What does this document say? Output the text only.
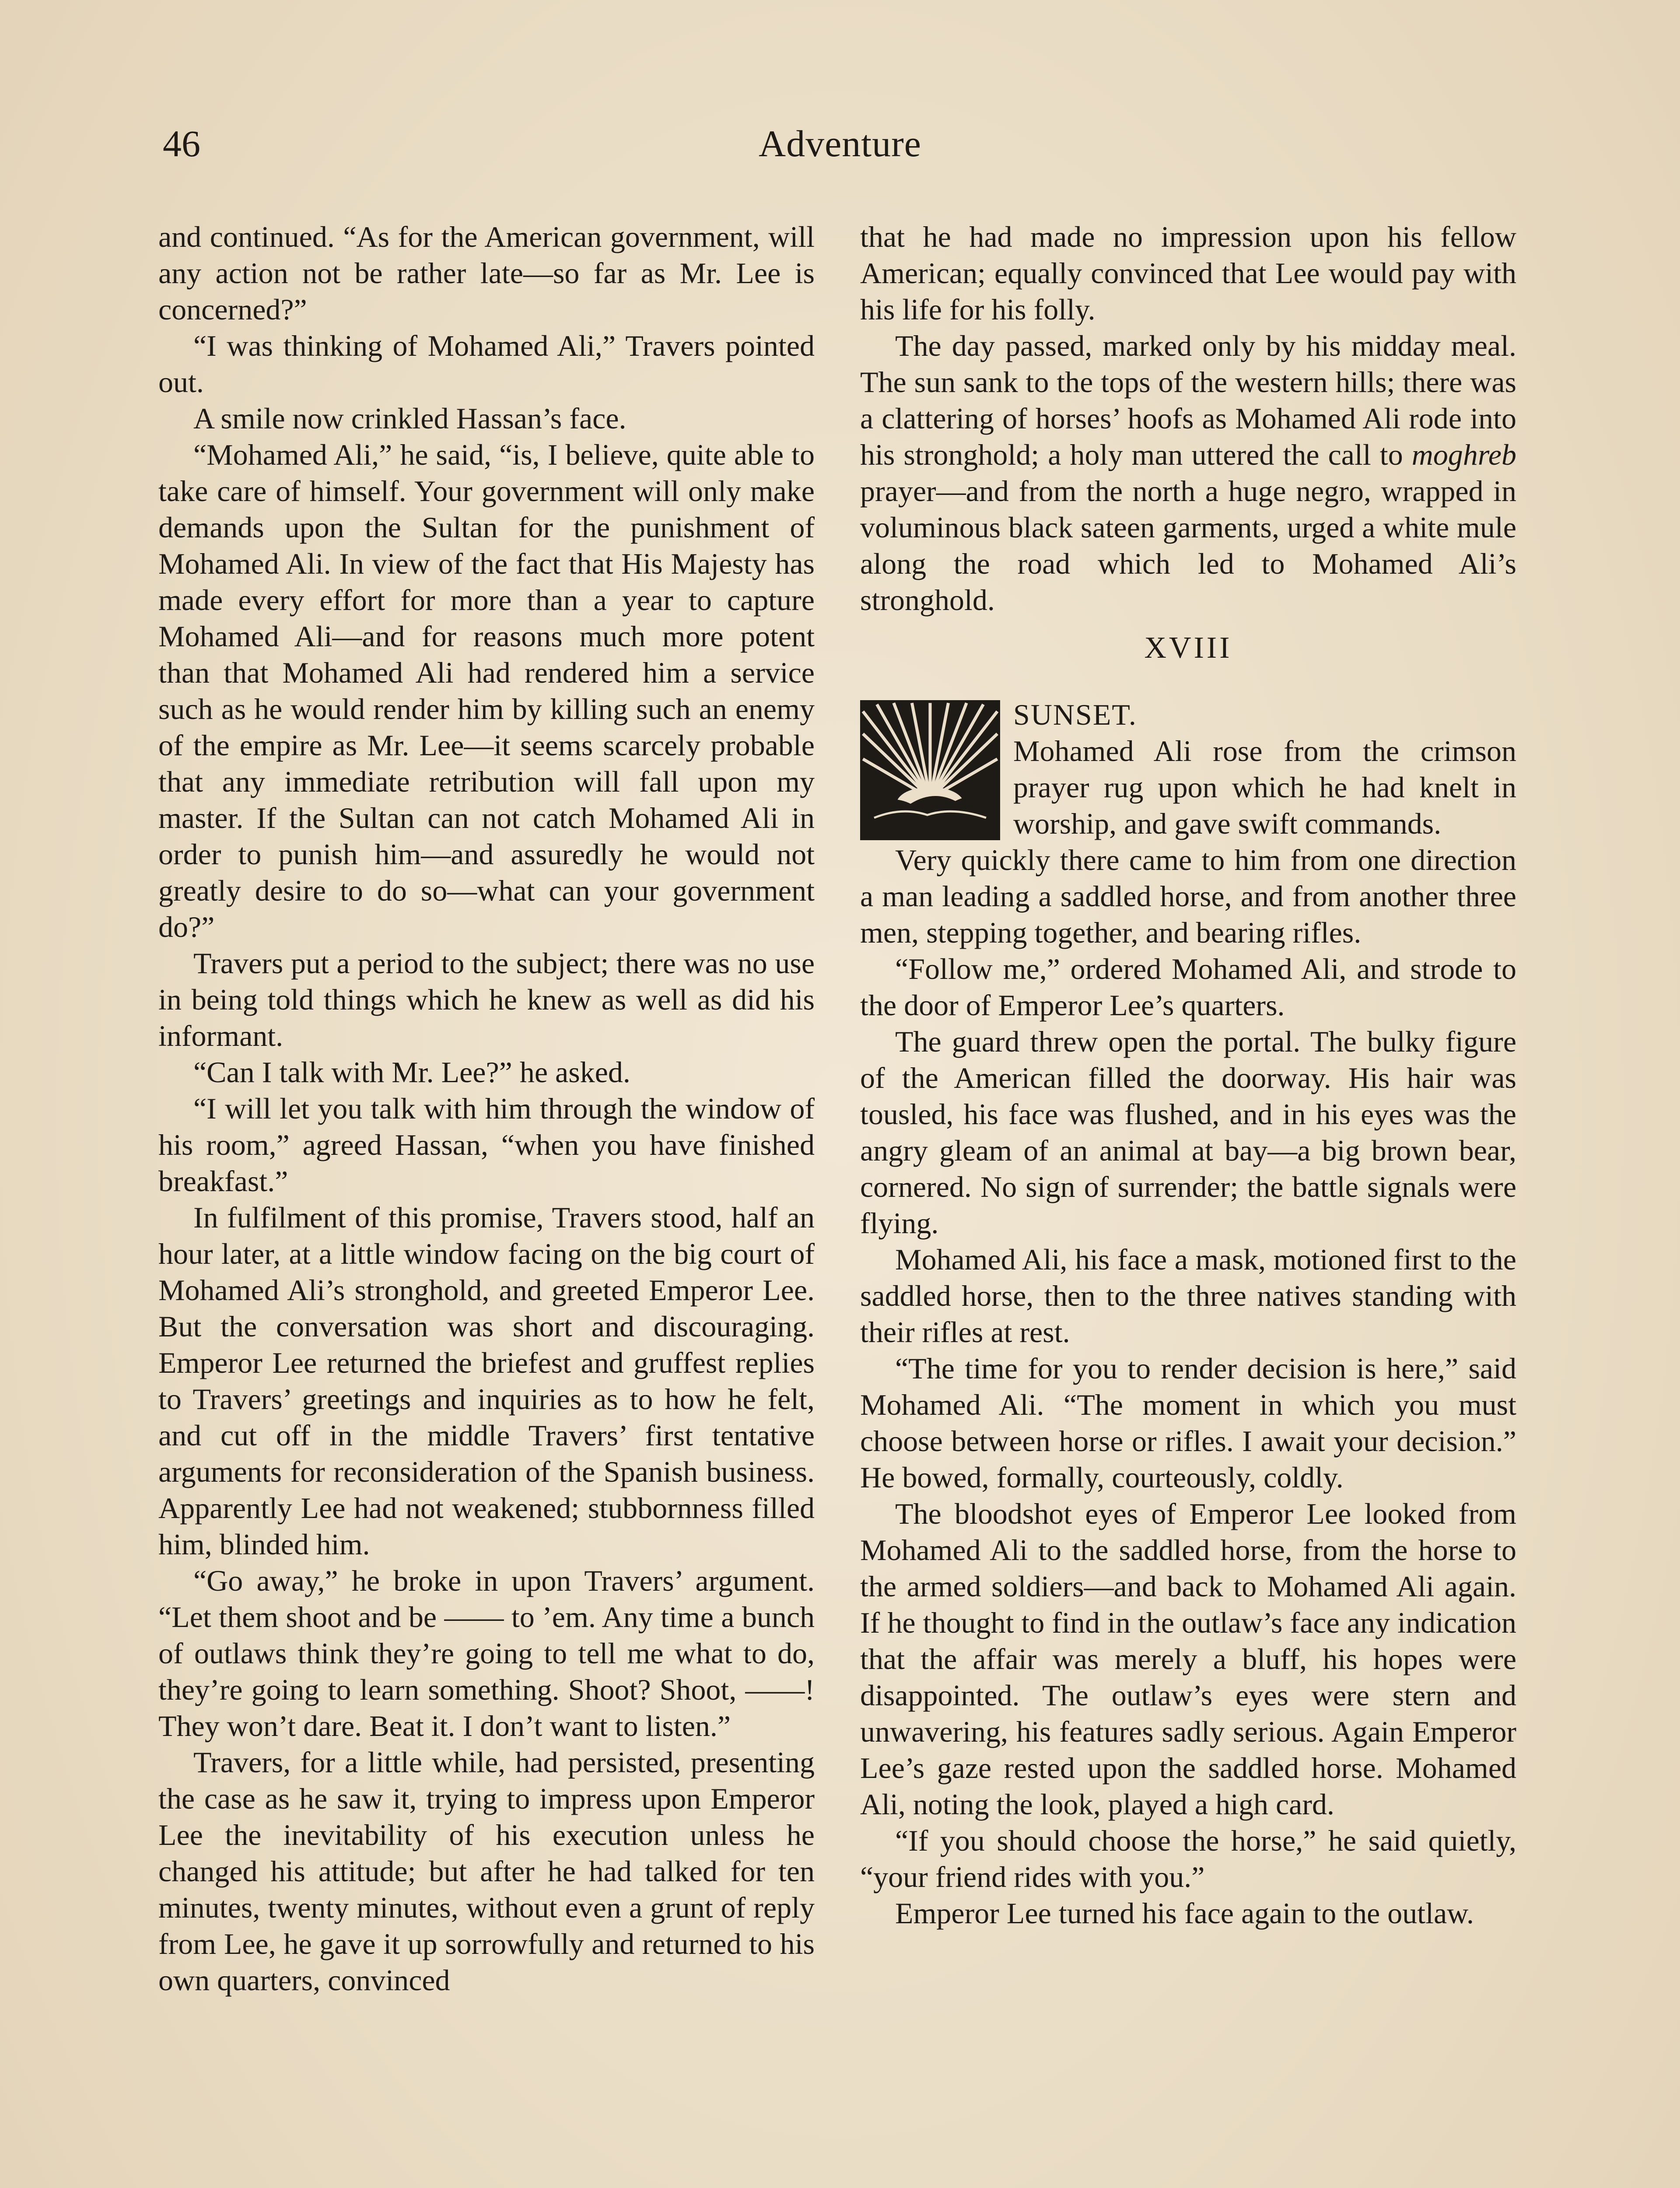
46	Adventure

and continued. “As for the American government, will any action not be rather late—so far as Mr. Lee is concerned?”

“I was thinking of Mohamed Ali,” Travers pointed out.

A smile now crinkled Hassan’s face.

“Mohamed Ali,” he said, “is, I believe, quite able to take care of himself. Your government will only make demands upon the Sultan for the punishment of Mohamed Ali. In view of the fact that His Majesty has made every effort for more than a year to capture Mohamed Ali—and for reasons much more potent than that Mohamed Ali had rendered him a service such as he would render him by killing such an enemy of the empire as Mr. Lee—it seems scarcely probable that any immediate retribution will fall upon my master. If the Sultan can not catch Mohamed Ali in order to punish him—and assuredly he would not greatly desire to do so—what can your government do?”

Travers put a period to the subject; there was no use in being told things which he knew as well as did his informant.

“Can I talk with Mr. Lee?” he asked.

“I will let you talk with him through the window of his room,” agreed Hassan, “when you have finished breakfast.”

In fulfilment of this promise, Travers stood, half an hour later, at a little window facing on the big court of Mohamed Ali’s stronghold, and greeted Emperor Lee. But the conversation was short and discouraging. Emperor Lee returned the briefest and gruffest replies to Travers’ greetings and inquiries as to how he felt, and cut off in the middle Travers’ first tentative arguments for reconsideration of the Spanish business. Apparently Lee had not weakened; stubbornness filled him, blinded him.

“Go away,” he broke in upon Travers’ argument. “Let them shoot and be —— to ’em. Any time a bunch of outlaws think they’re going to tell me what to do, they’re going to learn something. Shoot? Shoot, ——! They won’t dare. Beat it. I don’t want to listen.”

Travers, for a little while, had persisted, presenting the case as he saw it, trying to impress upon Emperor Lee the inevitability of his execution unless he changed his attitude; but after he had talked for ten minutes, twenty minutes, without even a grunt of reply from Lee, he gave it up sorrowfully and returned to his own quarters, convinced

that he had made no impression upon his fellow American; equally convinced that Lee would pay with his life for his folly.

The day passed, marked only by his midday meal. The sun sank to the tops of the western hills; there was a clattering of horses’ hoofs as Mohamed Ali rode into his stronghold; a holy man uttered the call to moghreb prayer—and from the north a huge negro, wrapped in voluminous black sateen garments, urged a white mule along the road which led to Mohamed Ali’s stronghold.

XVIII

SUNSET.
Mohamed Ali rose from the crimson prayer rug upon which he had knelt in worship, and gave swift commands.

Very quickly there came to him from one direction a man leading a saddled horse, and from another three men, stepping together, and bearing rifles.

“Follow me,” ordered Mohamed Ali, and strode to the door of Emperor Lee’s quarters.

The guard threw open the portal. The bulky figure of the American filled the doorway. His hair was tousled, his face was flushed, and in his eyes was the angry gleam of an animal at bay—a big brown bear, cornered. No sign of surrender; the battle signals were flying.

Mohamed Ali, his face a mask, motioned first to the saddled horse, then to the three natives standing with their rifles at rest.

“The time for you to render decision is here,” said Mohamed Ali. “The moment in which you must choose between horse or rifles. I await your decision.” He bowed, formally, courteously, coldly.

The bloodshot eyes of Emperor Lee looked from Mohamed Ali to the saddled horse, from the horse to the armed soldiers—and back to Mohamed Ali again. If he thought to find in the outlaw’s face any indication that the affair was merely a bluff, his hopes were disappointed. The outlaw’s eyes were stern and unwavering, his features sadly serious. Again Emperor Lee’s gaze rested upon the saddled horse. Mohamed Ali, noting the look, played a high card.

“If you should choose the horse,” he said quietly, “your friend rides with you.”

Emperor Lee turned his face again to the outlaw.
